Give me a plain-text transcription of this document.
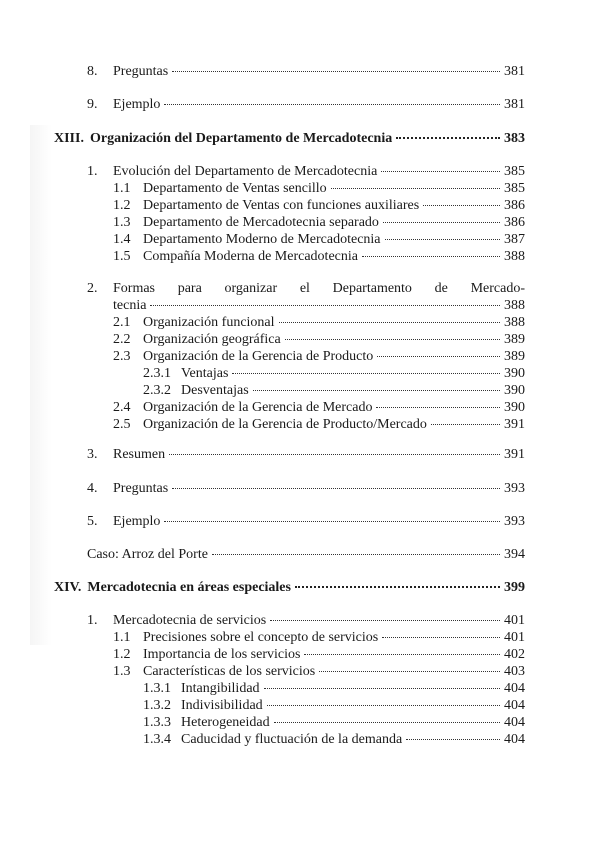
8.	Preguntas	381
9.	Ejemplo	381
XIII. Organización del Departamento de Mercadotecnia	383
1.	Evolución del Departamento de Mercadotecnia	385
1.1 Departamento de Ventas sencillo	385
1.2 Departamento de Ventas con funciones auxiliares	386
1.3 Departamento de Mercadotecnia separado	386
1.4 Departamento Moderno de Mercadotecnia	387
1.5 Compañía Moderna de Mercadotecnia	388
2.	Formas para organizar el Departamento de Mercado-
tecnia	388
2.1 Organización funcional	388
2.2 Organización geográfica	389
2.3 Organización de la Gerencia de Producto	389
2.3.1 Ventajas	390
2.3.2 Desventajas	390
2.4 Organización de la Gerencia de Mercado	390
2.5 Organización de la Gerencia de Producto/Mercado	391
3.	Resumen	391
4.	Preguntas	393
5.	Ejemplo	393
Caso: Arroz del Porte	394
XIV. Mercadotecnia en áreas especiales	399
1.	Mercadotecnia de servicios	401
1.1 Precisiones sobre el concepto de servicios	401
1.2 Importancia de los servicios	402
1.3 Características de los servicios	403
1.3.1 Intangibilidad	404
1.3.2 Indivisibilidad	404
1.3.3 Heterogeneidad	404
1.3.4 Caducidad y fluctuación de la demanda	404
